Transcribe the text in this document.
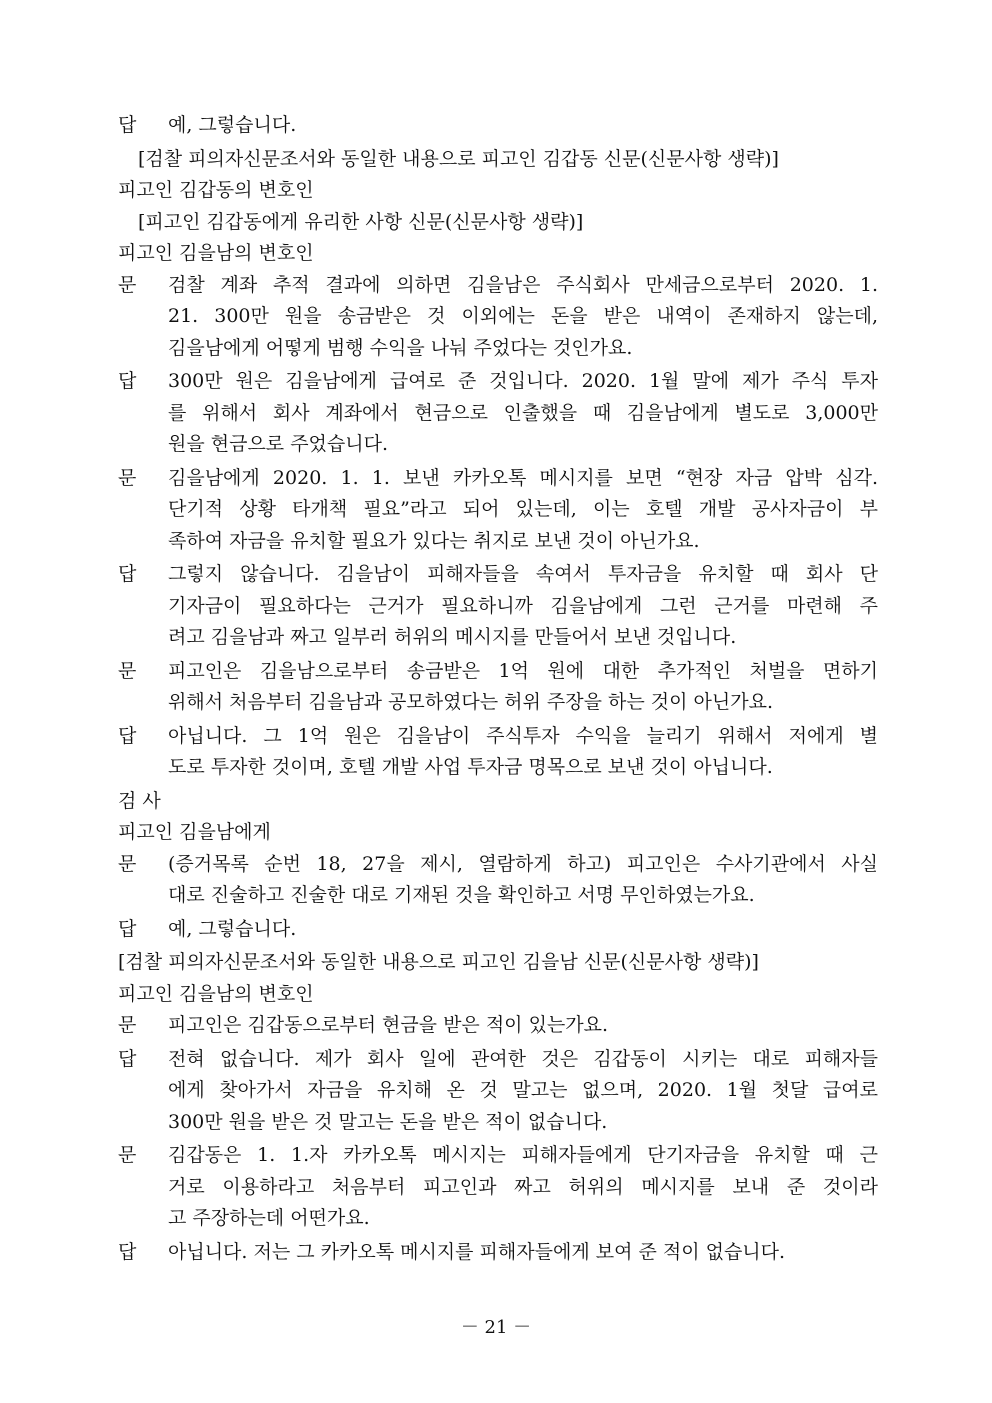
답 예, 그렇습니다.
[검찰 피의자신문조서와 동일한 내용으로 피고인 김갑동 신문(신문사항 생략)]
피고인 김갑동의 변호인
[피고인 김갑동에게 유리한 사항 신문(신문사항 생략)]
피고인 김을남의 변호인
문 검찰 계좌 추적 결과에 의하면 김을남은 주식회사 만세금으로부터 2020. 1.
21. 300만 원을 송금받은 것 이외에는 돈을 받은 내역이 존재하지 않는데,
김을남에게 어떻게 범행 수익을 나눠 주었다는 것인가요.
답 300만 원은 김을남에게 급여로 준 것입니다. 2020. 1월 말에 제가 주식 투자
를 위해서 회사 계좌에서 현금으로 인출했을 때 김을남에게 별도로 3,000만
원을 현금으로 주었습니다.
문 김을남에게 2020. 1. 1. 보낸 카카오톡 메시지를 보면 “현장 자금 압박 심각.
단기적 상황 타개책 필요”라고 되어 있는데, 이는 호텔 개발 공사자금이 부
족하여 자금을 유치할 필요가 있다는 취지로 보낸 것이 아닌가요.
답 그렇지 않습니다. 김을남이 피해자들을 속여서 투자금을 유치할 때 회사 단
기자금이 필요하다는 근거가 필요하니까 김을남에게 그런 근거를 마련해 주
려고 김을남과 짜고 일부러 허위의 메시지를 만들어서 보낸 것입니다.
문 피고인은 김을남으로부터 송금받은 1억 원에 대한 추가적인 처벌을 면하기
위해서 처음부터 김을남과 공모하였다는 허위 주장을 하는 것이 아닌가요.
답 아닙니다. 그 1억 원은 김을남이 주식투자 수익을 늘리기 위해서 저에게 별
도로 투자한 것이며, 호텔 개발 사업 투자금 명목으로 보낸 것이 아닙니다.
검 사
피고인 김을남에게
문 (증거목록 순번 18, 27을 제시, 열람하게 하고) 피고인은 수사기관에서 사실
대로 진술하고 진술한 대로 기재된 것을 확인하고 서명 무인하였는가요.
답 예, 그렇습니다.
[검찰 피의자신문조서와 동일한 내용으로 피고인 김을남 신문(신문사항 생략)]
피고인 김을남의 변호인
문 피고인은 김갑동으로부터 현금을 받은 적이 있는가요.
답 전혀 없습니다. 제가 회사 일에 관여한 것은 김갑동이 시키는 대로 피해자들
에게 찾아가서 자금을 유치해 온 것 말고는 없으며, 2020. 1월 첫달 급여로
300만 원을 받은 것 말고는 돈을 받은 적이 없습니다.
문 김갑동은 1. 1.자 카카오톡 메시지는 피해자들에게 단기자금을 유치할 때 근
거로 이용하라고 처음부터 피고인과 짜고 허위의 메시지를 보내 준 것이라
고 주장하는데 어떤가요.
답 아닙니다. 저는 그 카카오톡 메시지를 피해자들에게 보여 준 적이 없습니다.
－ 21 －
